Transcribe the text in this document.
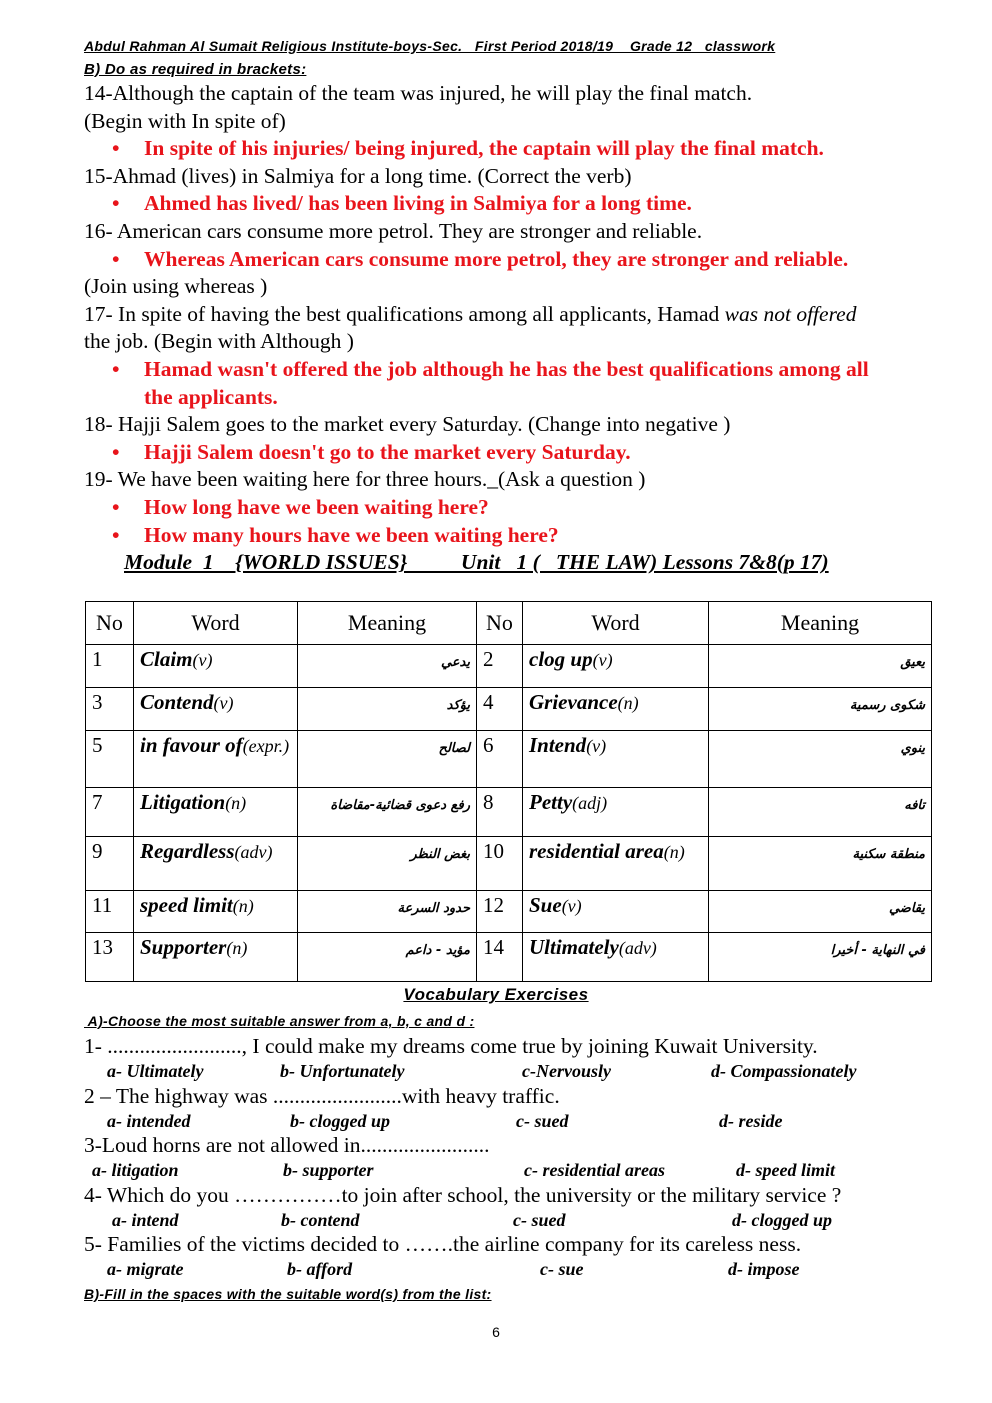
Abdul Rahman Al Sumait Religious Institute-boys-Sec.   First Period 2018/19    Grade 12   classwork
B) Do as required in brackets:
14-Although the captain of the team was injured, he will play the final match.
(Begin with In spite of)
• In spite of his injuries/ being injured, the captain will play the final match.
15-Ahmad (lives) in Salmiya for a long time. (Correct the verb)
• Ahmed has lived/ has been living in Salmiya for a long time.
16- American cars consume more petrol. They are stronger and reliable.
• Whereas American cars consume more petrol, they are stronger and reliable.
(Join using whereas )
17- In spite of having the best qualifications among all applicants, Hamad was not offered
the job. (Begin with Although )
• Hamad wasn't offered the job although he has the best qualifications among all
the applicants.
18- Hajji Salem goes to the market every Saturday. (Change into negative )
• Hajji Salem doesn't go to the market every Saturday.
19- We have been waiting here for three hours._(Ask a question )
• How long have we been waiting here?
• How many hours have we been waiting here?
Module  1    {WORLD ISSUES}          Unit   1 (   THE LAW) Lessons 7&8(p 17)
No	Word	Meaning	No	Word	Meaning
1	Claim(v)	يدعي	2	clog up(v)	يعيق
3	Contend(v)	يؤكد	4	Grievance(n)	شكوى رسمية
5	in favour of(expr.)	لصالح	6	Intend(v)	ينوي
7	Litigation(n)	رفع دعوى قضائية-مقاضاة	8	Petty(adj)	تافه
9	Regardless(adv)	بغض النظر	10	residential area(n)	منطقة سكنية
11	speed limit(n)	حدود السرعة	12	Sue(v)	يقاضي
13	Supporter(n)	مؤيد - داعم	14	Ultimately(adv)	في النهاية - أخيرا
Vocabulary Exercises
A)-Choose the most suitable answer from a, b, c and d :
1- ........................., I could make my dreams come true by joining Kuwait University.
a- Ultimately	b- Unfortunately	c-Nervously	d- Compassionately
2 – The highway was ........................with heavy traffic.
a- intended	b- clogged up	c- sued	d- reside
3-Loud horns are not allowed in........................
a- litigation	b- supporter	c- residential areas	d- speed limit
4- Which do you ……………to join after school, the university or the military service ?
a- intend	b- contend	c- sued	d- clogged up
5- Families of the victims decided to …….the airline company for its careless ness.
a- migrate	b- afford	c- sue	d- impose
B)-Fill in the spaces with the suitable word(s) from the list:
6
